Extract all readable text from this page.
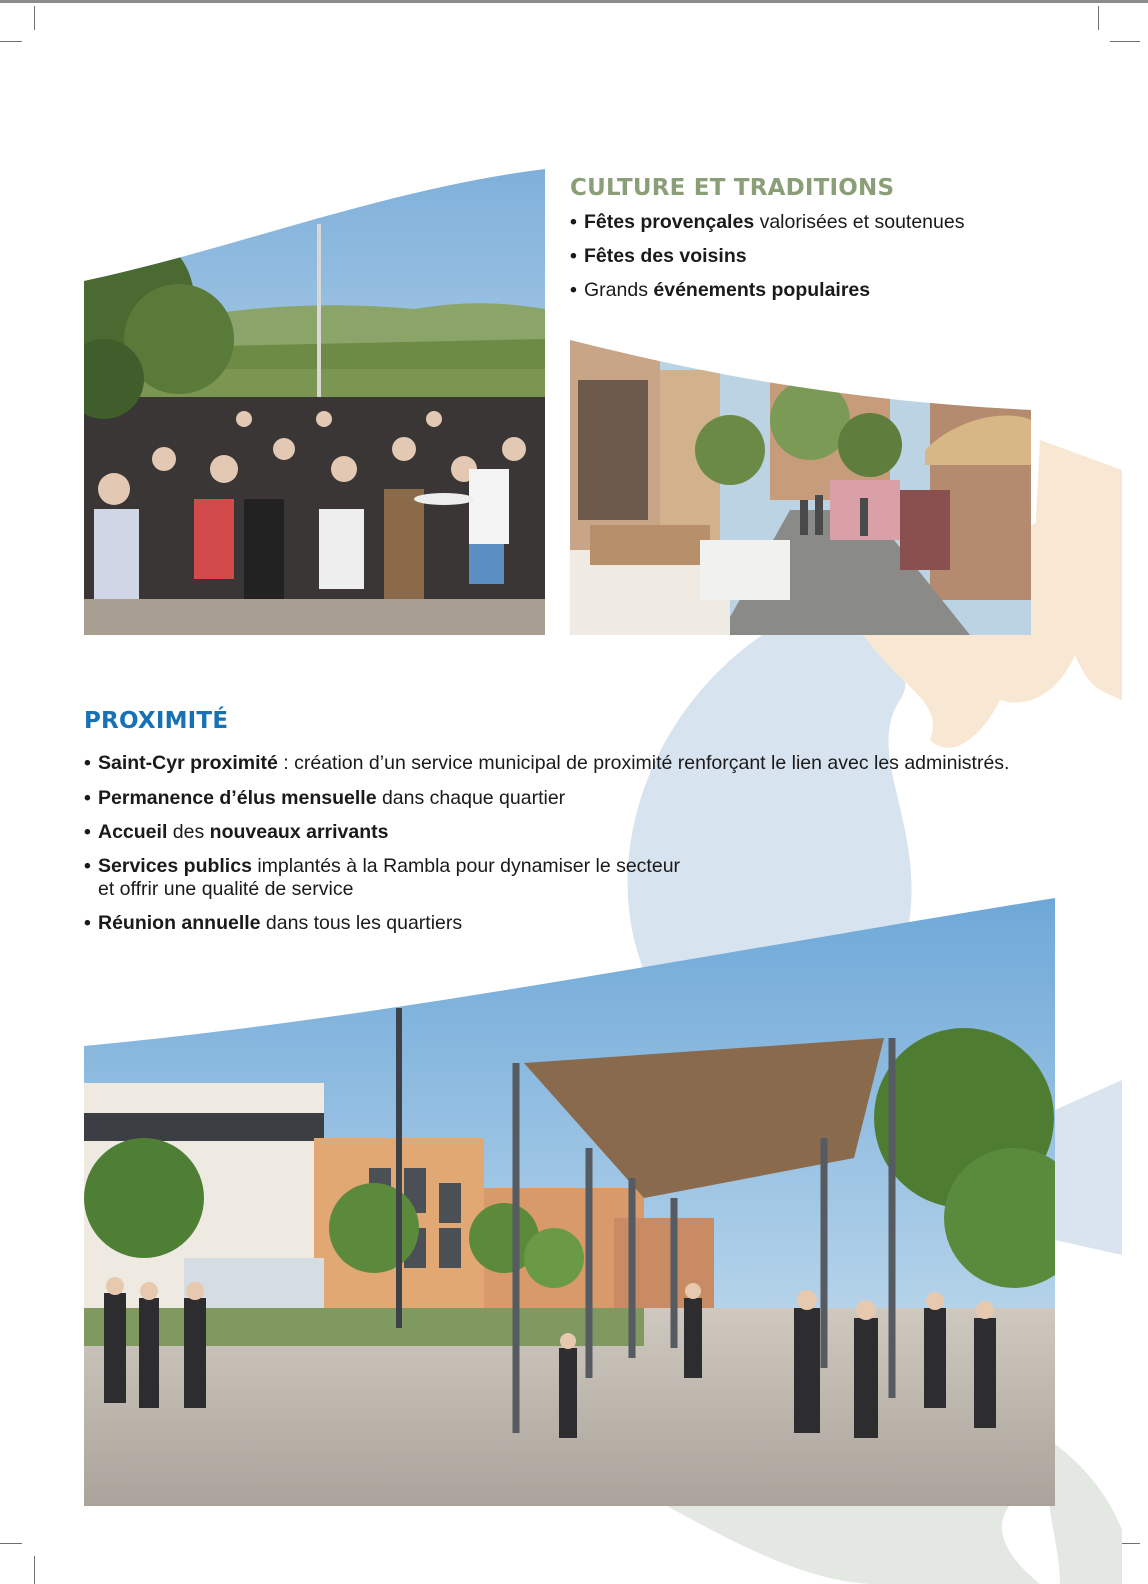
CULTURE ET TRADITIONS
• Fêtes provençales valorisées et soutenues
• Fêtes des voisins
• Grands événements populaires
PROXIMITÉ
• Saint-Cyr proximité : création d’un service municipal de proximité renforçant le lien avec les administrés.
• Permanence d’élus mensuelle dans chaque quartier
• Accueil des nouveaux arrivants
• Services publics implantés à la Rambla pour dynamiser le secteur
et offrir une qualité de service
• Réunion annuelle dans tous les quartiers
